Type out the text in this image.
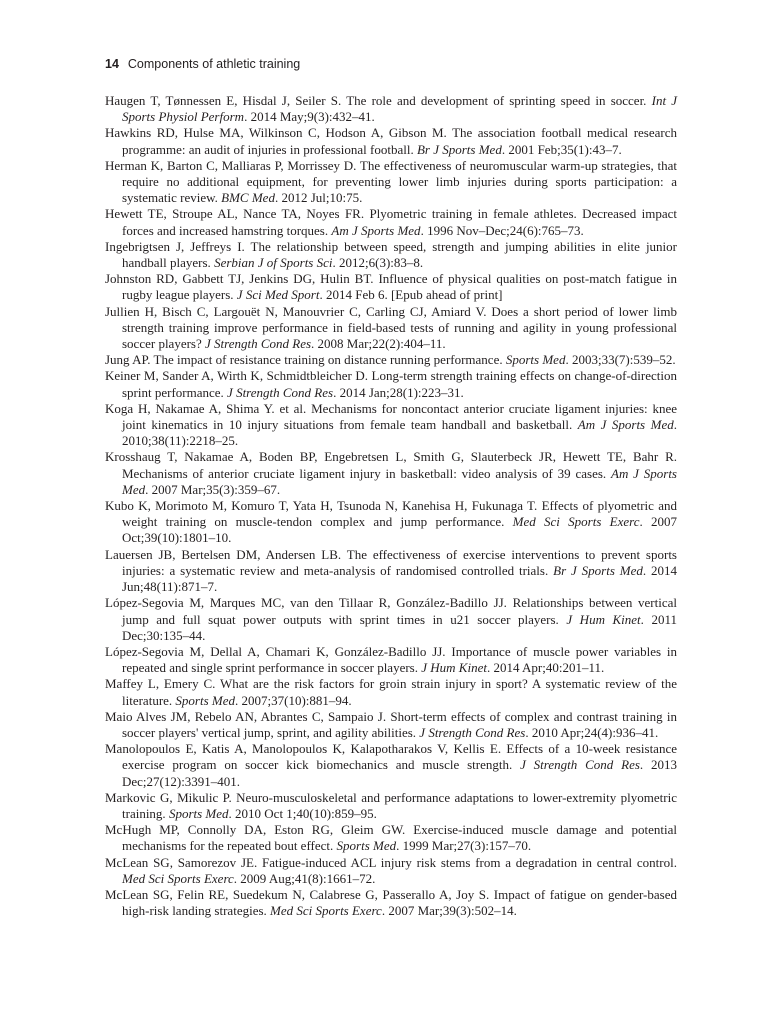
14 Components of athletic training
Haugen T, Tønnessen E, Hisdal J, Seiler S. The role and development of sprinting speed in soccer. Int J Sports Physiol Perform. 2014 May;9(3):432–41.
Hawkins RD, Hulse MA, Wilkinson C, Hodson A, Gibson M. The association football medical research programme: an audit of injuries in professional football. Br J Sports Med. 2001 Feb;35(1):43–7.
Herman K, Barton C, Malliaras P, Morrissey D. The effectiveness of neuromuscular warm-up strategies, that require no additional equipment, for preventing lower limb injuries during sports participation: a systematic review. BMC Med. 2012 Jul;10:75.
Hewett TE, Stroupe AL, Nance TA, Noyes FR. Plyometric training in female athletes. Decreased impact forces and increased hamstring torques. Am J Sports Med. 1996 Nov–Dec;24(6):765–73.
Ingebrigtsen J, Jeffreys I. The relationship between speed, strength and jumping abilities in elite junior handball players. Serbian J of Sports Sci. 2012;6(3):83–8.
Johnston RD, Gabbett TJ, Jenkins DG, Hulin BT. Influence of physical qualities on post-match fatigue in rugby league players. J Sci Med Sport. 2014 Feb 6. [Epub ahead of print]
Jullien H, Bisch C, Largouët N, Manouvrier C, Carling CJ, Amiard V. Does a short period of lower limb strength training improve performance in field-based tests of running and agility in young professional soccer players? J Strength Cond Res. 2008 Mar;22(2):404–11.
Jung AP. The impact of resistance training on distance running performance. Sports Med. 2003;33(7):539–52.
Keiner M, Sander A, Wirth K, Schmidtbleicher D. Long-term strength training effects on change-of-direction sprint performance. J Strength Cond Res. 2014 Jan;28(1):223–31.
Koga H, Nakamae A, Shima Y. et al. Mechanisms for noncontact anterior cruciate ligament injuries: knee joint kinematics in 10 injury situations from female team handball and basketball. Am J Sports Med. 2010;38(11):2218–25.
Krosshaug T, Nakamae A, Boden BP, Engebretsen L, Smith G, Slauterbeck JR, Hewett TE, Bahr R. Mechanisms of anterior cruciate ligament injury in basketball: video analysis of 39 cases. Am J Sports Med. 2007 Mar;35(3):359–67.
Kubo K, Morimoto M, Komuro T, Yata H, Tsunoda N, Kanehisa H, Fukunaga T. Effects of plyometric and weight training on muscle-tendon complex and jump performance. Med Sci Sports Exerc. 2007 Oct;39(10):1801–10.
Lauersen JB, Bertelsen DM, Andersen LB. The effectiveness of exercise interventions to prevent sports injuries: a systematic review and meta-analysis of randomised controlled trials. Br J Sports Med. 2014 Jun;48(11):871–7.
López-Segovia M, Marques MC, van den Tillaar R, González-Badillo JJ. Relationships between vertical jump and full squat power outputs with sprint times in u21 soccer players. J Hum Kinet. 2011 Dec;30:135–44.
López-Segovia M, Dellal A, Chamari K, González-Badillo JJ. Importance of muscle power variables in repeated and single sprint performance in soccer players. J Hum Kinet. 2014 Apr;40:201–11.
Maffey L, Emery C. What are the risk factors for groin strain injury in sport? A systematic review of the literature. Sports Med. 2007;37(10):881–94.
Maio Alves JM, Rebelo AN, Abrantes C, Sampaio J. Short-term effects of complex and contrast training in soccer players' vertical jump, sprint, and agility abilities. J Strength Cond Res. 2010 Apr;24(4):936–41.
Manolopoulos E, Katis A, Manolopoulos K, Kalapotharakos V, Kellis E. Effects of a 10-week resistance exercise program on soccer kick biomechanics and muscle strength. J Strength Cond Res. 2013 Dec;27(12):3391–401.
Markovic G, Mikulic P. Neuro-musculoskeletal and performance adaptations to lower-extremity plyometric training. Sports Med. 2010 Oct 1;40(10):859–95.
McHugh MP, Connolly DA, Eston RG, Gleim GW. Exercise-induced muscle damage and potential mechanisms for the repeated bout effect. Sports Med. 1999 Mar;27(3):157–70.
McLean SG, Samorezov JE. Fatigue-induced ACL injury risk stems from a degradation in central control. Med Sci Sports Exerc. 2009 Aug;41(8):1661–72.
McLean SG, Felin RE, Suedekum N, Calabrese G, Passerallo A, Joy S. Impact of fatigue on gender-based high-risk landing strategies. Med Sci Sports Exerc. 2007 Mar;39(3):502–14.
